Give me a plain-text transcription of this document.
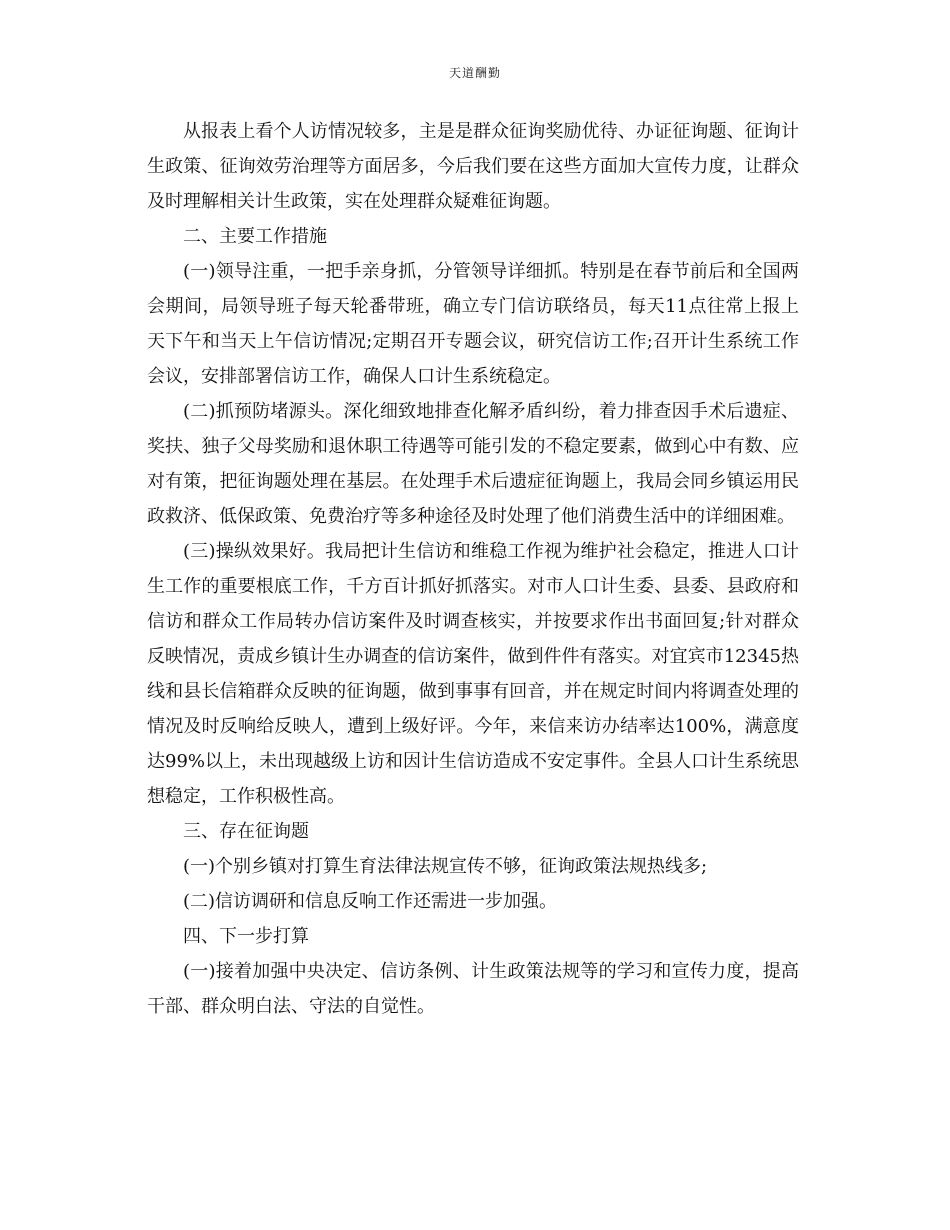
天道酬勤

从报表上看个人访情况较多，主是是群众征询奖励优待、办证征询题、征询计生政策、征询效劳治理等方面居多，今后我们要在这些方面加大宣传力度，让群众及时理解相关计生政策，实在处理群众疑难征询题。

二、主要工作措施

(一)领导注重，一把手亲身抓，分管领导详细抓。特别是在春节前后和全国两会期间，局领导班子每天轮番带班，确立专门信访联络员，每天11点往常上报上天下午和当天上午信访情况;定期召开专题会议，研究信访工作;召开计生系统工作会议，安排部署信访工作，确保人口计生系统稳定。

(二)抓预防堵源头。深化细致地排查化解矛盾纠纷，着力排查因手术后遗症、奖扶、独子父母奖励和退休职工待遇等可能引发的不稳定要素，做到心中有数、应对有策，把征询题处理在基层。在处理手术后遗症征询题上，我局会同乡镇运用民政救济、低保政策、免费治疗等多种途径及时处理了他们消费生活中的详细困难。

(三)操纵效果好。我局把计生信访和维稳工作视为维护社会稳定，推进人口计生工作的重要根底工作，千方百计抓好抓落实。对市人口计生委、县委、县政府和信访和群众工作局转办信访案件及时调查核实，并按要求作出书面回复;针对群众反映情况，责成乡镇计生办调查的信访案件，做到件件有落实。对宜宾市12345热线和县长信箱群众反映的征询题，做到事事有回音，并在规定时间内将调查处理的情况及时反响给反映人，遭到上级好评。今年，来信来访办结率达100%，满意度达99%以上，未出现越级上访和因计生信访造成不安定事件。全县人口计生系统思想稳定，工作积极性高。

三、存在征询题

(一)个别乡镇对打算生育法律法规宣传不够，征询政策法规热线多;

(二)信访调研和信息反响工作还需进一步加强。

四、下一步打算

(一)接着加强中央决定、信访条例、计生政策法规等的学习和宣传力度，提高干部、群众明白法、守法的自觉性。
